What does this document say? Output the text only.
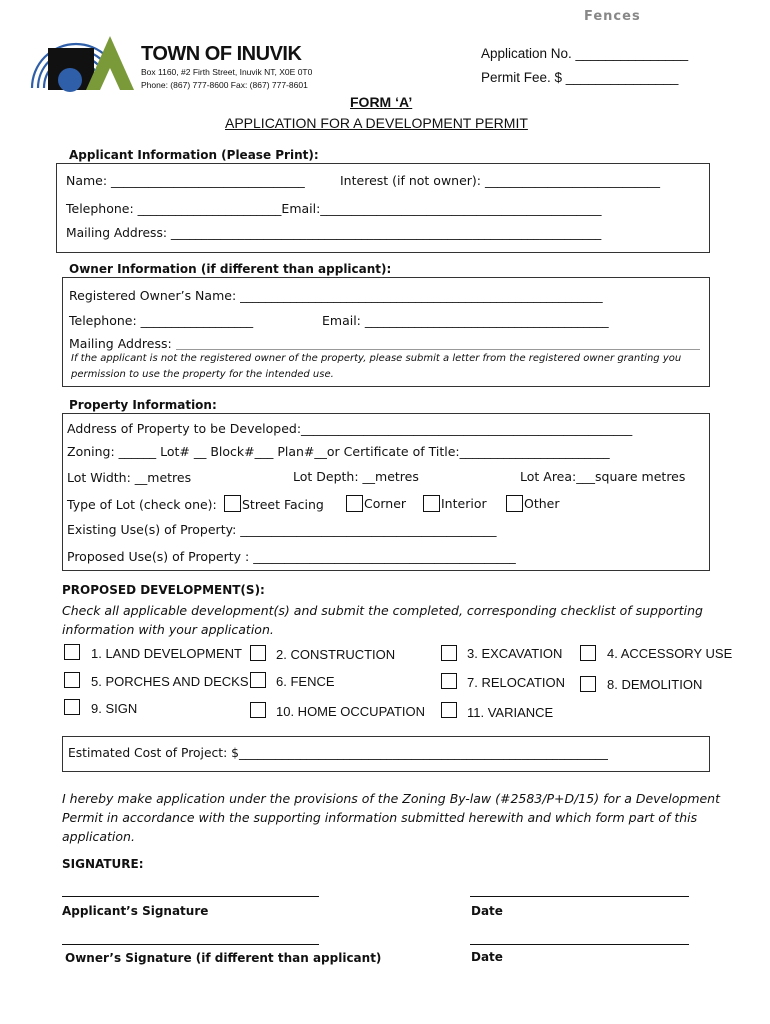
Fences
TOWN OF INUVIK
Box 1160, #2 Firth Street, Inuvik NT, X0E 0T0
Phone: (867) 777-8600 Fax: (867) 777-8601
Application No. _______________
Permit Fee. $ _______________
FORM ‘A’
APPLICATION FOR A DEVELOPMENT PERMIT
Applicant Information (Please Print):
Name: _______________________________	Interest (if not owner): ____________________________
Telephone: _______________________Email:_____________________________________________
Mailing Address: ______________________________________________________________________
Owner Information (if different than applicant):
Registered Owner’s Name: __________________________________________________________
Telephone: __________________	Email: _______________________________________
Mailing Address:
If the applicant is not the registered owner of the property, please submit a letter from the registered owner granting you
permission to use the property for the intended use.
Property Information:
Address of Property to be Developed:_____________________________________________________
Zoning: ______ Lot# __ Block#___ Plan#__or Certificate of Title:________________________
Lot Width: __metres	Lot Depth: __metres	Lot Area:___square metres
Type of Lot (check one): Street Facing	Corner	Interior	Other
Existing Use(s) of Property: _________________________________________
Proposed Use(s) of Property : __________________________________________
PROPOSED DEVELOPMENT(S):
Check all applicable development(s) and submit the completed, corresponding checklist of supporting
information with your application.
1. LAND DEVELOPMENT	2. CONSTRUCTION	3. EXCAVATION	4. ACCESSORY USE
5. PORCHES AND DECKS 6. FENCE	7. RELOCATION	8. DEMOLITION
9. SIGN	10. HOME OCCUPATION	11. VARIANCE
Estimated Cost of Project: $____________________________________________________________
I hereby make application under the provisions of the Zoning By-law (#2583/P+D/15) for a Development
Permit in accordance with the supporting information submitted herewith and which form part of this
application.
SIGNATURE:
Applicant’s Signature	Date
Owner’s Signature (if different than applicant)	Date
